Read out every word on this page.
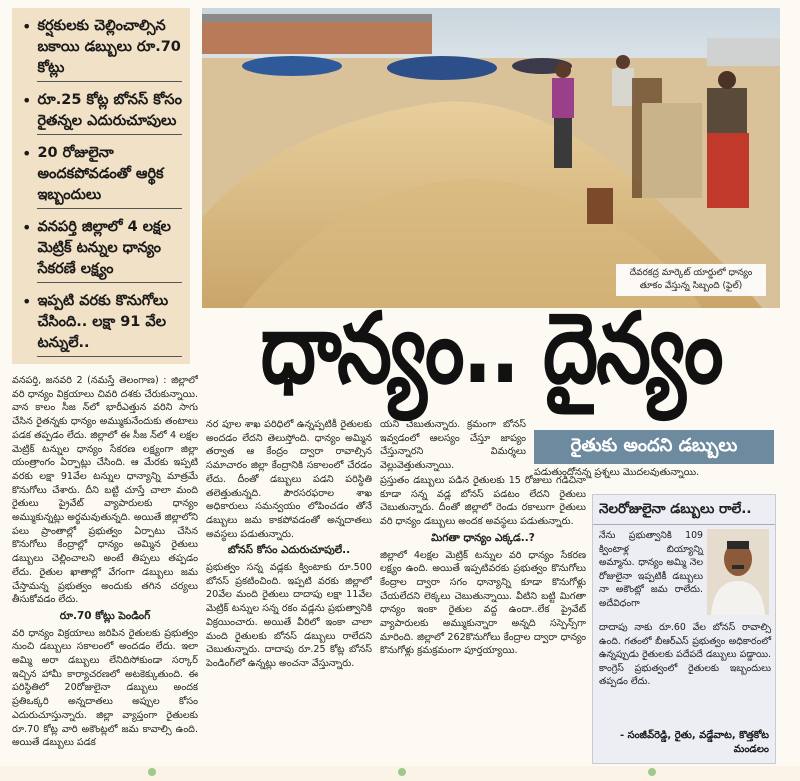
• కర్షకులకు చెల్లించాల్సిన బకాయి డబ్బులు రూ.70 కోట్లు
• రూ.25 కోట్ల బోనస్ కోసం రైతన్నల ఎదురుచూపులు
• 20 రోజులైనా అందకపోవడంతో ఆర్థిక ఇబ్బందులు
• వనపర్తి జిల్లాలో 4 లక్షల మెట్రిక్ టన్నుల ధాన్యం సేకరణే లక్ష్యం
• ఇప్పటి వరకు కొనుగోలు చేసింది.. లక్షా 91 వేల టన్నులే..
దేవరకద్ర మార్కెట్ యార్డులో ధాన్యం తూకం వేస్తున్న సిబ్బంది (ఫైల్)
ధాన్యం.. దైన్యం
రైతుకు అందని డబ్బులు

వనపర్తి, జనవరి 2 (నమస్తే తెలంగాణ) : జిల్లాలో వరి ధాన్యం విక్రయాలు చివరి దశకు చేరుకున్నాయి. వాన కాలం సీజ న్‌లో భారీఎత్తున వరిని సాగు చేసిన రైతన్నకు ధాన్యం అమ్ముకునేందుకు తంటాలు పడక తప్పడం లేదు. జిల్లాలో ఈ సీజ న్‌లో 4 లక్షల మెట్రిక్ టన్నుల ధాన్యం సేకరణ లక్ష్యంగా జిల్లా యంత్రాంగం ఏర్పాట్లు చేసింది. ఆ మేరకు ఇప్పటి వరకు లక్షా 91వేల టన్నుల ధాన్యాన్ని మాత్రమే కొనుగోలు చేశారు. దీని బట్టి చూస్తే చాలా మంది రైతులు ప్రైవేట్ వ్యాపారులకు ధాన్యం అమ్ముకున్నట్లు అర్థమవుతున్నది. అయితే జిల్లాలోని పలు ప్రాంతాల్లో ప్రభుత్వం ఏర్పాటు చేసిన కొనుగోలు కేంద్రాల్లో ధాన్యం అమ్మిన రైతులు డబ్బులు చెల్లించాలని అంటే తిప్పలు తప్పడం లేదు. రైతుల ఖాతాల్లో వేగంగా డబ్బులు జమ చేస్తామన్న ప్రభుత్వం అందుకు తగిన చర్యలు తీసుకోవడం లేదు.

రూ.70 కోట్లు పెండింగ్

వరి ధాన్యం విక్రయాలు జరిపిన రైతులకు ప్రభుత్వం నుంచి డబ్బులు సకాలంలో అందడం లేదు. ఇలా అమ్మి అరా డబ్బులు లేనిదిసోకుండా సర్కార్ ఇచ్చిన హామీ కార్యాచరణలో అటకెక్కుతుంది. ఈ పరిస్థితిలో 20రోజులైనా డబ్బులు అందక ప్రతిఒక్కరి అన్నదాతలు అప్పుల కోసం ఎదురుచూస్తున్నారు. జిల్లా వ్యాప్తంగా రైతులకు రూ.70 కోట్ల వారి అకౌంట్లలో జమ కావాల్సి ఉంది. అయితే డబ్బులు పడక

నర పూల శాఖ పరిధిలో ఉన్నప్పటికీ రైతులకు అందడం లేదని తెలుస్తోంది. ధాన్యం అమ్మిన తర్వాత ఆ కేంద్రం ద్వారా రావాల్సిన సమాచారం జిల్లా కేంద్రానికి సకాలంలో చేరడం లేదు. దీంతో డబ్బులు పడని పరిస్థితి తలెత్తుతున్నది. పౌరసరఫరాల శాఖ అధికారులు సమన్వయం లోపించడం తోనే డబ్బులు జమ కాకపోవడంతో అన్నదాతలు అవస్థలు పడుతున్నారు.

బోనస్ కోసం ఎదురుచూపులే..

ప్రభుత్వం సన్న వడ్లకు క్వింటాకు రూ.500 బోనస్ ప్రకటించింది. ఇప్పటి వరకు జిల్లాలో 20వేల మంది రైతులు దాదాపు లక్షా 11వేల మెట్రిక్ టన్నుల సన్న రకం వడ్లను ప్రభుత్వానికి విక్రయించారు. అయితే వీరిలో ఇంకా చాలా మంది రైతులకు బోనస్ డబ్బులు రాలేదని చెబుతున్నారు. దాదాపు రూ.25 కోట్ల బోనస్ పెండింగ్‌లో ఉన్నట్లు అంచనా వేస్తున్నారు.

యని చెబుతున్నారు. క్రమంగా బోనస్ ఇవ్వడంలో ఆలస్యం చేస్తూ జాప్యం చేస్తున్నారని విమర్శలు వెల్లువెత్తుతున్నాయి.

ప్రస్తుతం డబ్బులు పడిన రైతులకు 15 రోజులు గడిచినా కూడా సన్న వడ్ల బోనస్ పడటం లేదని రైతులు చెబుతున్నారు. దీంతో జిల్లాలో రెండు రకాలుగా రైతులు వరి ధాన్యం డబ్బులు అందక అవస్థలు పడుతున్నారు.

మిగతా ధాన్యం ఎక్కడ..?

జిల్లాలో 4లక్షల మెట్రిక్ టన్నుల వరి ధాన్యం సేకరణ లక్ష్యం ఉంది. అయితే ఇప్పటివరకు ప్రభుత్వం కొనుగోలు కేంద్రాల ద్వారా సగం ధాన్యాన్ని కూడా కొనుగోళ్లు చేయలేదని లెక్కలు చెబుతున్నాయి. వీటిని బట్టి మిగతా ధాన్యం ఇంకా రైతుల వద్ద ఉందా..లేక ప్రైవేట్ వ్యాపారులకు అమ్ముకున్నారా అన్నది సస్పెన్స్‌గా మారింది. జిల్లాలో 262కొనుగోలు కేంద్రాల ద్వారా ధాన్యం కొనుగోళ్లు క్రమక్రమంగా పూర్తయ్యాయి.

పడుతుందోనన్న ప్రశ్నలు మొదలవుతున్నాయి.

నెలరోజులైనా డబ్బులు రాలే..
నేను ప్రభుత్వానికి 109 క్వింటాళ్ల బియ్యాన్ని అమ్మాను. ధాన్యం అమ్మి నెల రోజులైనా ఇప్పటికీ డబ్బులు నా అకౌంట్లో జమ రాలేదు. అదేవిధంగా
దాదాపు నాకు రూ.60 వేల బోనస్ రావాల్సి ఉంది. గతంలో బీఆర్ఎస్ ప్రభుత్వం అధికారంలో ఉన్నప్పుడు రైతులకు పదేపదే డబ్బులు పడ్డాయి. కాంగ్రెస్ ప్రభుత్వంలో రైతులకు ఇబ్బందులు తప్పడం లేదు.
- సంజీవ్‌రెడ్డి, రైతు, వడ్డేవాట, కొత్తకోట మండలం
